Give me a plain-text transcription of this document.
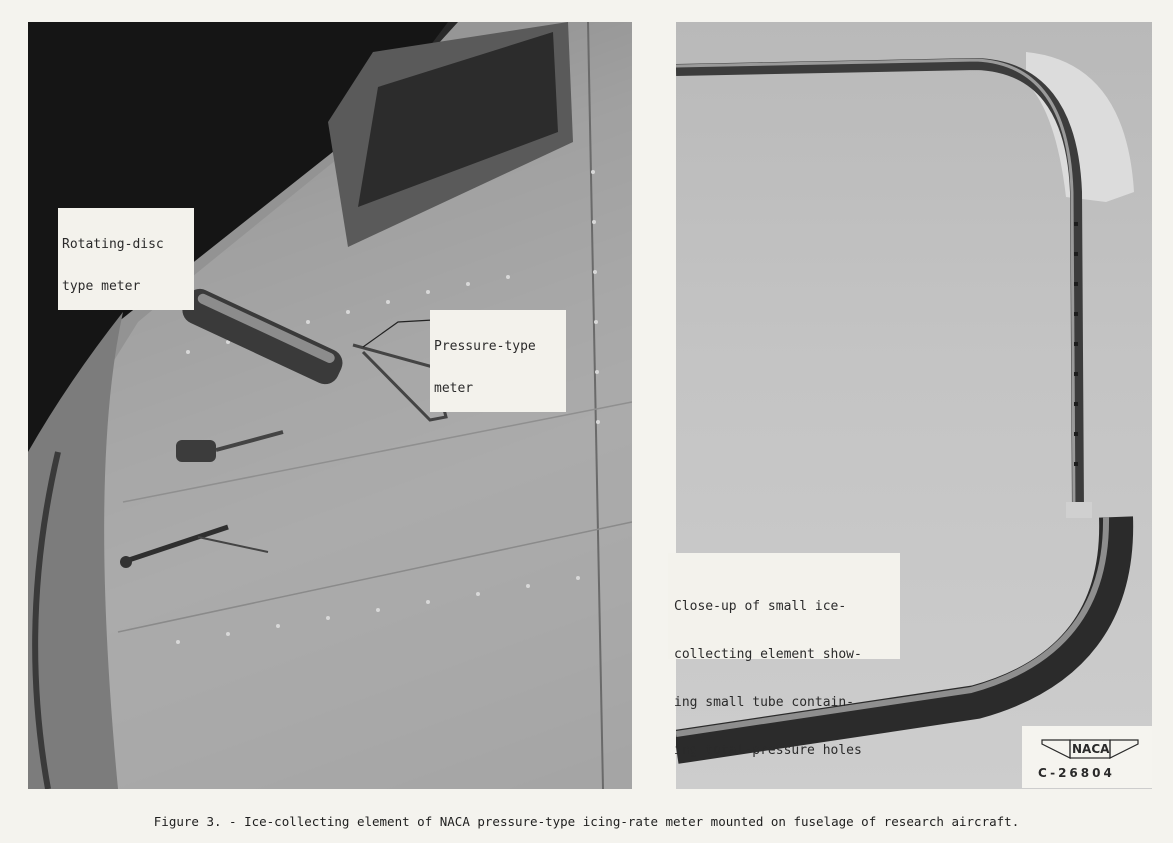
Rotating-disc

type meter

Pressure-type

meter

Close-up of small ice-

collecting element show-

ing small tube contain-

ing total-pressure holes	NACA
C-26804
Figure 3. - Ice-collecting element of NACA pressure-type icing-rate meter mounted on fuselage of research aircraft.
